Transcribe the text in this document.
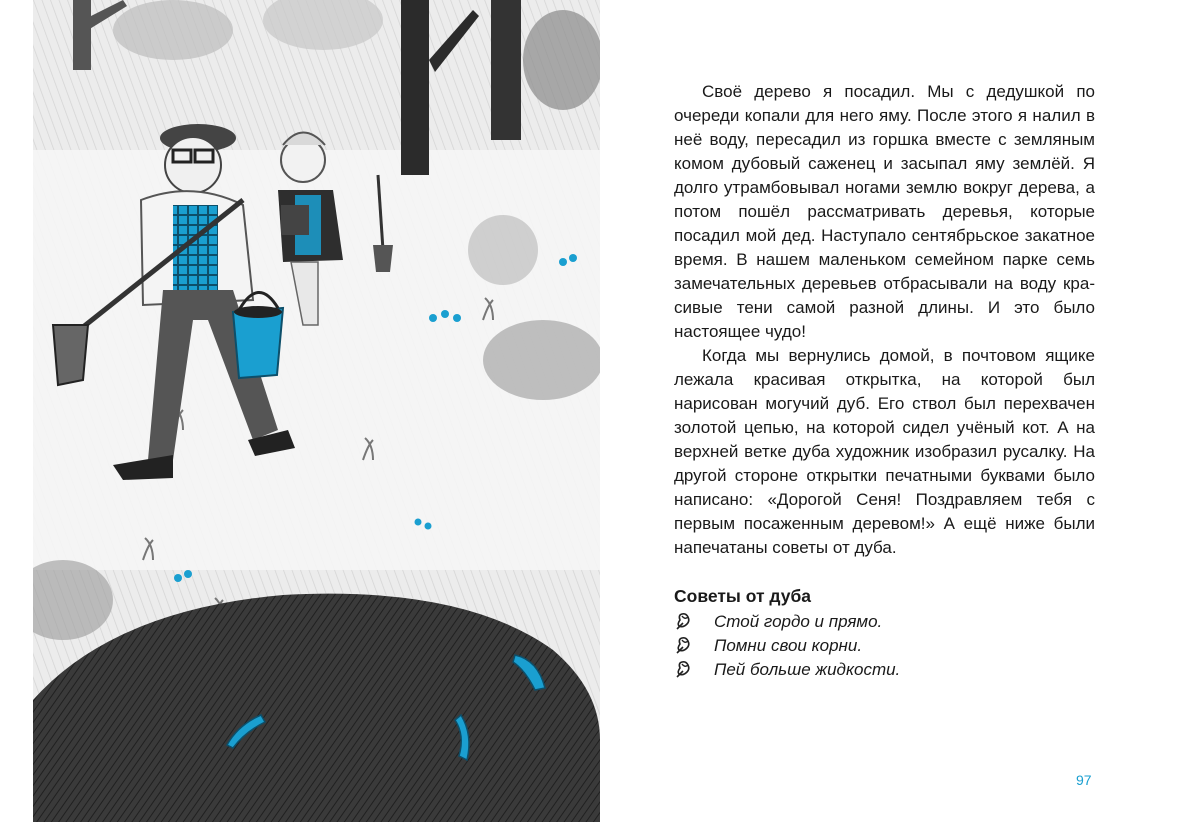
Своё дерево я посадил. Мы с дедушкой по очереди копали для него яму. После этого я налил в неё воду, пересадил из горшка вместе с земляным комом дубовый саженец и засыпал яму землёй. Я долго утрамбовывал ногами землю вокруг дерева, а потом пошёл рассматривать деревья, которые посадил мой дед. Наступало сентябрьское закатное время. В нашем маленьком семейном парке семь замечательных деревьев отбрасывали на воду красивые тени самой разной длины. И это было настоящее чудо!

Когда мы вернулись домой, в почтовом ящике лежала красивая открытка, на которой был нарисован могучий дуб. Его ствол был перехвачен золотой цепью, на которой сидел учёный кот. А на верхней ветке дуба художник изобразил русалку. На другой стороне открытки печатными буквами было написано: «Дорогой Сеня! Поздравляем тебя с первым посаженным деревом!» А ещё ниже были напечатаны советы от дуба.

Советы от дуба
Стой гордо и прямо.
Помни свои корни.
Пей больше жидкости.
97
